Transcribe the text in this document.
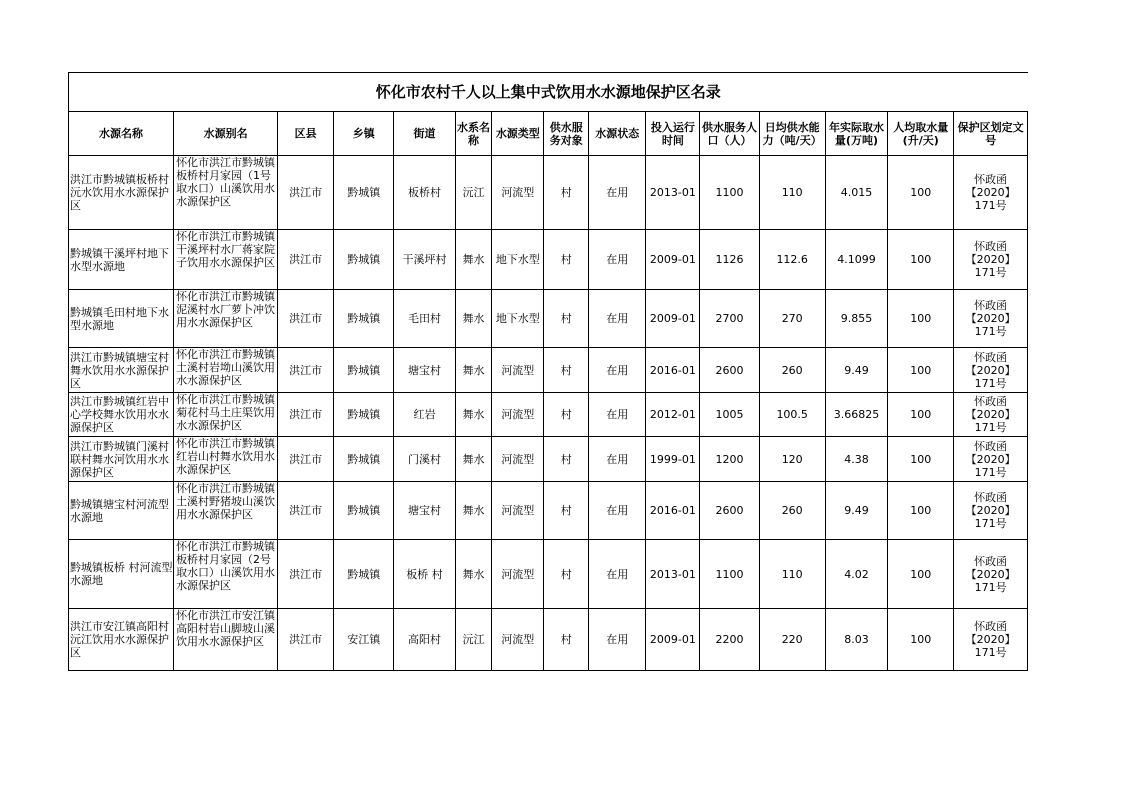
怀化市农村千人以上集中式饮用水水源地保护区名录														
水源名称	水源别名	区县	乡镇	街道	水系名称	水源类型	供水服务对象	水源状态	投入运行时间	供水服务人口（人）	日均供水能力（吨/天）	年实际取水量(万吨)	人均取水量(升/天)	保护区划定文号
洪江市黔城镇板桥村沅水饮用水水源保护区	怀化市洪江市黔城镇板桥村月家园（1号取水口）山溪饮用水水源保护区	洪江市	黔城镇	板桥村	沅江	河流型	村	在用	2013-01	1100	110	4.015	100	怀政函【2020】171号
黔城镇干溪坪村地下水型水源地	怀化市洪江市黔城镇干溪坪村水厂蒋家院子饮用水水源保护区	洪江市	黔城镇	干溪坪村	舞水	地下水型	村	在用	2009-01	1126	112.6	4.1099	100	怀政函【2020】171号
黔城镇毛田村地下水型水源地	怀化市洪江市黔城镇泥溪村水厂萝卜冲饮用水水源保护区	洪江市	黔城镇	毛田村	舞水	地下水型	村	在用	2009-01	2700	270	9.855	100	怀政函【2020】171号
洪江市黔城镇塘宝村舞水饮用水水源保护区	怀化市洪江市黔城镇土溪村岩坳山溪饮用水水源保护区	洪江市	黔城镇	塘宝村	舞水	河流型	村	在用	2016-01	2600	260	9.49	100	怀政函【2020】171号
洪江市黔城镇红岩中心学校舞水饮用水水源保护区	怀化市洪江市黔城镇菊花村马土庄渠饮用水水源保护区	洪江市	黔城镇	红岩	舞水	河流型	村	在用	2012-01	1005	100.5	3.66825	100	怀政函【2020】171号
洪江市黔城镇门溪村联村舞水河饮用水水源保护区	怀化市洪江市黔城镇红岩山村舞水饮用水水源保护区	洪江市	黔城镇	门溪村	舞水	河流型	村	在用	1999-01	1200	120	4.38	100	怀政函【2020】171号
黔城镇塘宝村河流型水源地	怀化市洪江市黔城镇土溪村野猪坡山溪饮用水水源保护区	洪江市	黔城镇	塘宝村	舞水	河流型	村	在用	2016-01	2600	260	9.49	100	怀政函【2020】171号
黔城镇板桥 村河流型水源地	怀化市洪江市黔城镇板桥村月家园（2号取水口）山溪饮用水水源保护区	洪江市	黔城镇	板桥 村	舞水	河流型	村	在用	2013-01	1100	110	4.02	100	怀政函【2020】171号
洪江市安江镇高阳村沅江饮用水水源保护区	怀化市洪江市安江镇高阳村岩山脚坡山溪饮用水水源保护区	洪江市	安江镇	高阳村	沅江	河流型	村	在用	2009-01	2200	220	8.03	100	怀政函【2020】171号
